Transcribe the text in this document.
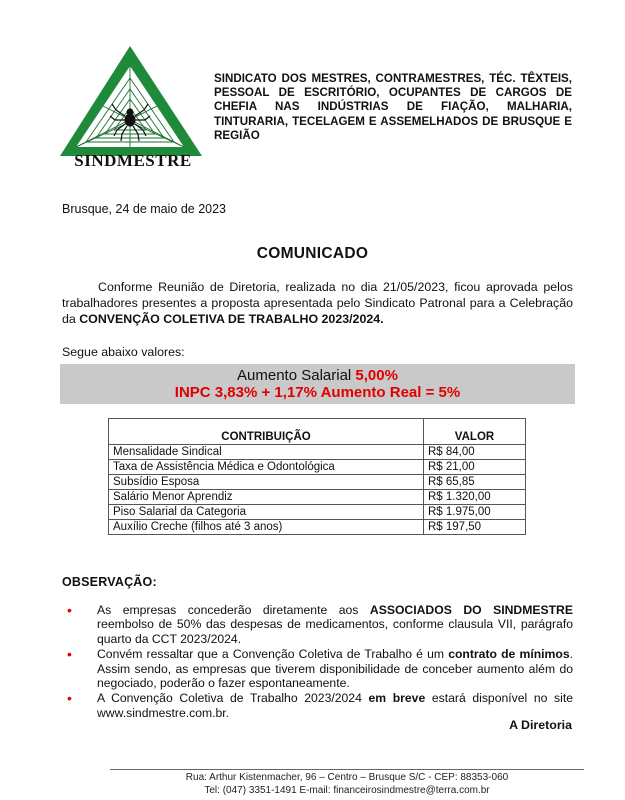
SINDMESTRE
SINDICATO DOS MESTRES, CONTRAMESTRES, TÉC. TÊXTEIS, PESSOAL DE ESCRITÓRIO, OCUPANTES DE CARGOS DE CHEFIA NAS INDÚSTRIAS DE FIAÇÃO, MALHARIA, TINTURARIA, TECELAGEM E ASSEMELHADOS DE BRUSQUE E REGIÃO
Brusque, 24 de maio de 2023
COMUNICADO

Conforme Reunião de Diretoria, realizada no dia 21/05/2023, ficou aprovada pelos trabalhadores presentes a proposta apresentada pelo Sindicato Patronal para a Celebração da CONVENÇÃO COLETIVA DE TRABALHO 2023/2024.

Segue abaixo valores:
Aumento Salarial 5,00%
INPC 3,83% + 1,17% Aumento Real = 5%
CONTRIBUIÇÃO	VALOR
Mensalidade Sindical	R$ 84,00
Taxa de Assistência Médica e Odontológica	R$ 21,00
Subsídio Esposa	R$ 65,85
Salário Menor Aprendiz	R$ 1.320,00
Piso Salarial da Categoria	R$ 1.975,00
Auxílio Creche (filhos até 3 anos)	R$ 197,50
OBSERVAÇÃO:
• As empresas concederão diretamente aos ASSOCIADOS DO SINDMESTRE reembolso de 50% das despesas de medicamentos, conforme clausula VII, parágrafo quarto da CCT 2023/2024.
• Convém ressaltar que a Convenção Coletiva de Trabalho é um contrato de mínimos. Assim sendo, as empresas que tiverem disponibilidade de conceber aumento além do negociado, poderão o fazer espontaneamente.
• A Convenção Coletiva de Trabalho 2023/2024 em breve estará disponível no site www.sindmestre.com.br.
A Diretoria
Rua: Arthur Kistenmacher, 96 – Centro – Brusque S/C - CEP: 88353-060
Tel: (047) 3351-1491 E-mail: financeirosindmestre@terra.com.br
